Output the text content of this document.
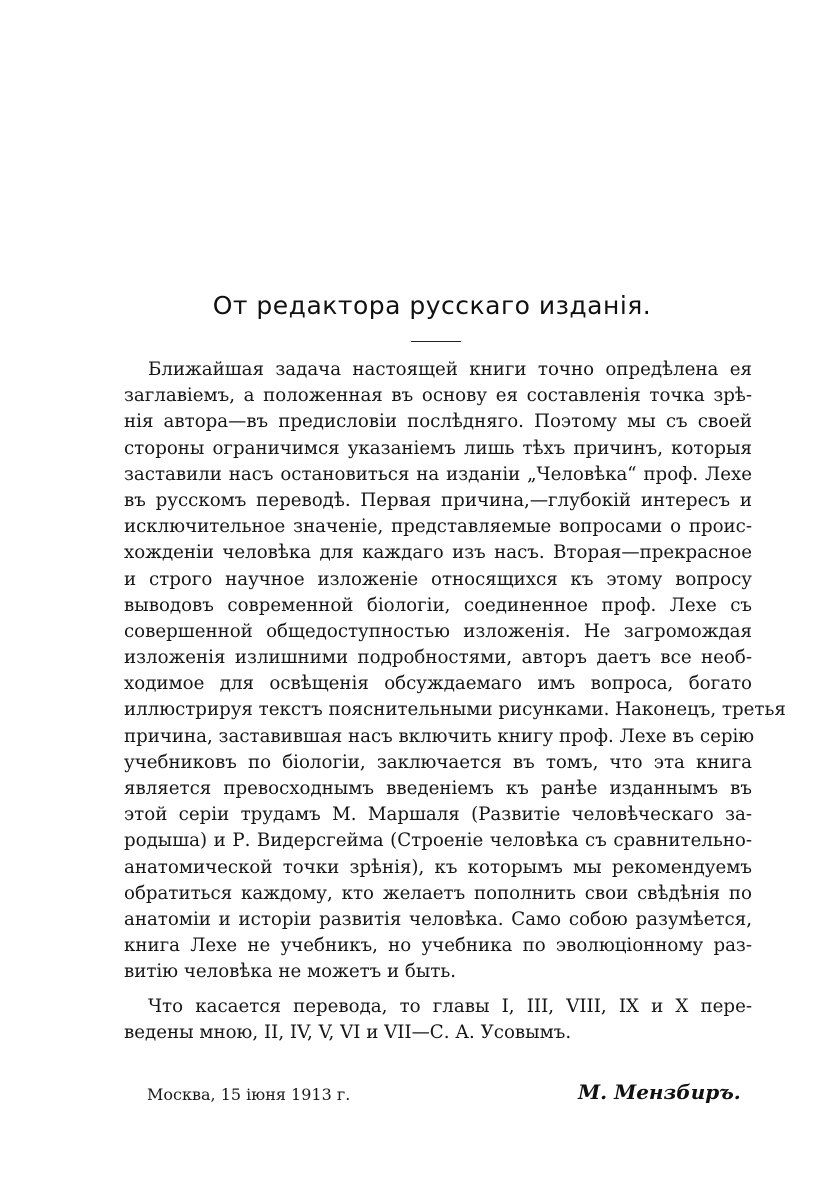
От редактора русскаго изданія.
Ближайшая задача настоящей книги точно опредѣлена ея
заглавіемъ, а положенная въ основу ея составленія точка зрѣ-
нія автора—въ предисловіи послѣдняго. Поэтому мы съ своей
стороны ограничимся указаніемъ лишь тѣхъ причинъ, которыя
заставили насъ остановиться на изданіи „Человѣка“ проф. Лехе
въ русскомъ переводѣ. Первая причина,—глубокій интересъ и
исключительное значеніе, представляемые вопросами о проис-
хожденіи человѣка для каждаго изъ насъ. Вторая—прекрасное
и строго научное изложеніе относящихся къ этому вопросу
выводовъ современной біологіи, соединенное проф. Лехе съ
совершенной общедоступностью изложенія. Не загромождая
изложенія излишними подробностями, авторъ даетъ все необ-
ходимое для освѣщенія обсуждаемаго имъ вопроса, богато
иллюстрируя текстъ пояснительными рисунками. Наконецъ, третья
причина, заставившая насъ включить книгу проф. Лехе въ серію
учебниковъ по біологіи, заключается въ томъ, что эта книга
является превосходнымъ введеніемъ къ ранѣе изданнымъ въ
этой серіи трудамъ М. Маршаля (Развитіе человѣческаго за-
родыша) и Р. Видерсгейма (Строеніе человѣка съ сравнительно-
анатомической точки зрѣнія), къ которымъ мы рекомендуемъ
обратиться каждому, кто желаетъ пополнить свои свѣдѣнія по
анатоміи и исторіи развитія человѣка. Само собою разумѣется,
книга Лехе не учебникъ, но учебника по эволюціонному раз-
витію человѣка не можетъ и быть.
Что касается перевода, то главы I, III, VIII, IX и X пере-
ведены мною, II, IV, V, VI и VII—С. А. Усовымъ.
Москва, 15 іюня 1913 г.	М. Мензбиръ.
